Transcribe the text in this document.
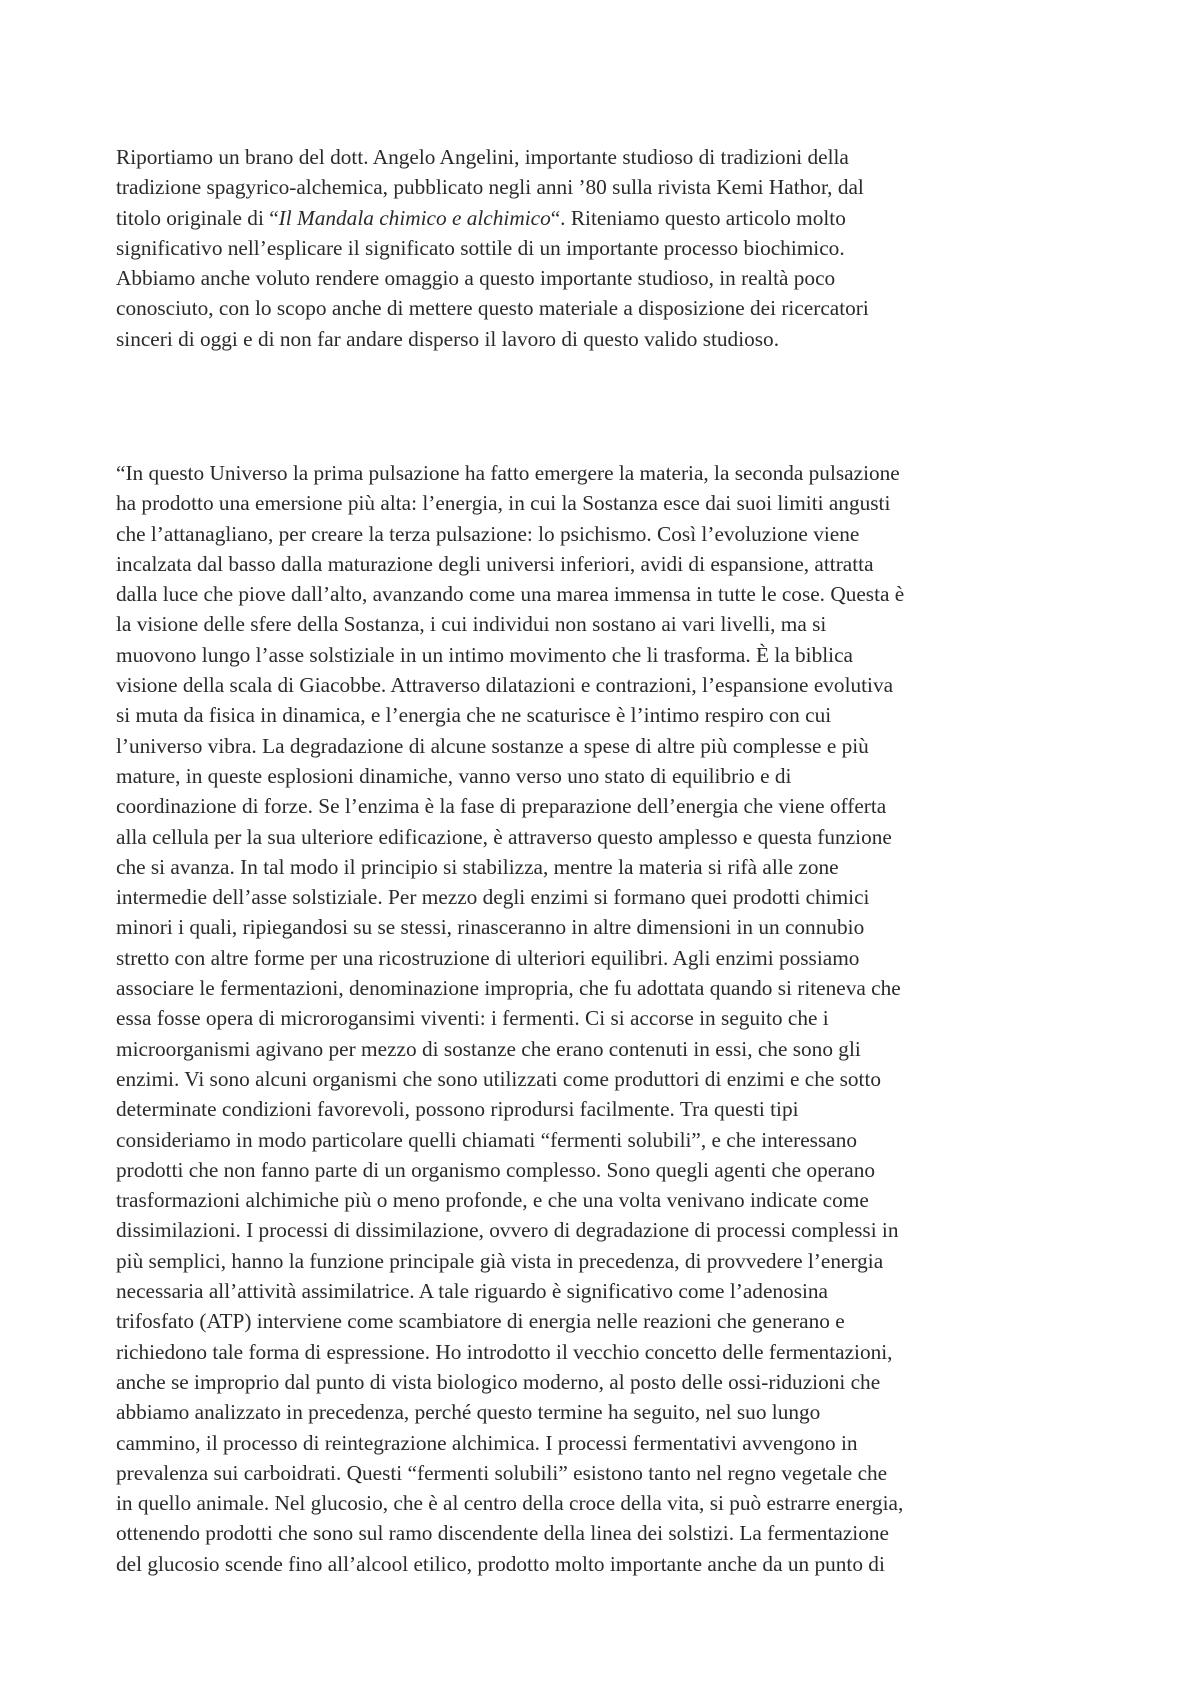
Riportiamo un brano del dott. Angelo Angelini, importante studioso di tradizioni della
tradizione spagyrico-alchemica, pubblicato negli anni ’80 sulla rivista Kemi Hathor, dal
titolo originale di “Il Mandala chimico e alchimico“. Riteniamo questo articolo molto
significativo nell’esplicare il significato sottile di un importante processo biochimico.
Abbiamo anche voluto rendere omaggio a questo importante studioso, in realtà poco
conosciuto, con lo scopo anche di mettere questo materiale a disposizione dei ricercatori
sinceri di oggi e di non far andare disperso il lavoro di questo valido studioso.
“In questo Universo la prima pulsazione ha fatto emergere la materia, la seconda pulsazione
ha prodotto una emersione più alta: l’energia, in cui la Sostanza esce dai suoi limiti angusti
che l’attanagliano, per creare la terza pulsazione: lo psichismo. Così l’evoluzione viene
incalzata dal basso dalla maturazione degli universi inferiori, avidi di espansione, attratta
dalla luce che piove dall’alto, avanzando come una marea immensa in tutte le cose. Questa è
la visione delle sfere della Sostanza, i cui individui non sostano ai vari livelli, ma si
muovono lungo l’asse solstiziale in un intimo movimento che li trasforma. È la biblica
visione della scala di Giacobbe. Attraverso dilatazioni e contrazioni, l’espansione evolutiva
si muta da fisica in dinamica, e l’energia che ne scaturisce è l’intimo respiro con cui
l’universo vibra. La degradazione di alcune sostanze a spese di altre più complesse e più
mature, in queste esplosioni dinamiche, vanno verso uno stato di equilibrio e di
coordinazione di forze. Se l’enzima è la fase di preparazione dell’energia che viene offerta
alla cellula per la sua ulteriore edificazione, è attraverso questo amplesso e questa funzione
che si avanza. In tal modo il principio si stabilizza, mentre la materia si rifà alle zone
intermedie dell’asse solstiziale. Per mezzo degli enzimi si formano quei prodotti chimici
minori i quali, ripiegandosi su se stessi, rinasceranno in altre dimensioni in un connubio
stretto con altre forme per una ricostruzione di ulteriori equilibri. Agli enzimi possiamo
associare le fermentazioni, denominazione impropria, che fu adottata quando si riteneva che
essa fosse opera di microrogansimi viventi: i fermenti. Ci si accorse in seguito che i
microorganismi agivano per mezzo di sostanze che erano contenuti in essi, che sono gli
enzimi. Vi sono alcuni organismi che sono utilizzati come produttori di enzimi e che sotto
determinate condizioni favorevoli, possono riprodursi facilmente. Tra questi tipi
consideriamo in modo particolare quelli chiamati “fermenti solubili”, e che interessano
prodotti che non fanno parte di un organismo complesso. Sono quegli agenti che operano
trasformazioni alchimiche più o meno profonde, e che una volta venivano indicate come
dissimilazioni. I processi di dissimilazione, ovvero di degradazione di processi complessi in
più semplici, hanno la funzione principale già vista in precedenza, di provvedere l’energia
necessaria all’attività assimilatrice. A tale riguardo è significativo come l’adenosina
trifosfato (ATP) interviene come scambiatore di energia nelle reazioni che generano e
richiedono tale forma di espressione. Ho introdotto il vecchio concetto delle fermentazioni,
anche se improprio dal punto di vista biologico moderno, al posto delle ossi-riduzioni che
abbiamo analizzato in precedenza, perché questo termine ha seguito, nel suo lungo
cammino, il processo di reintegrazione alchimica. I processi fermentativi avvengono in
prevalenza sui carboidrati. Questi “fermenti solubili” esistono tanto nel regno vegetale che
in quello animale. Nel glucosio, che è al centro della croce della vita, si può estrarre energia,
ottenendo prodotti che sono sul ramo discendente della linea dei solstizi. La fermentazione
del glucosio scende fino all’alcool etilico, prodotto molto importante anche da un punto di
